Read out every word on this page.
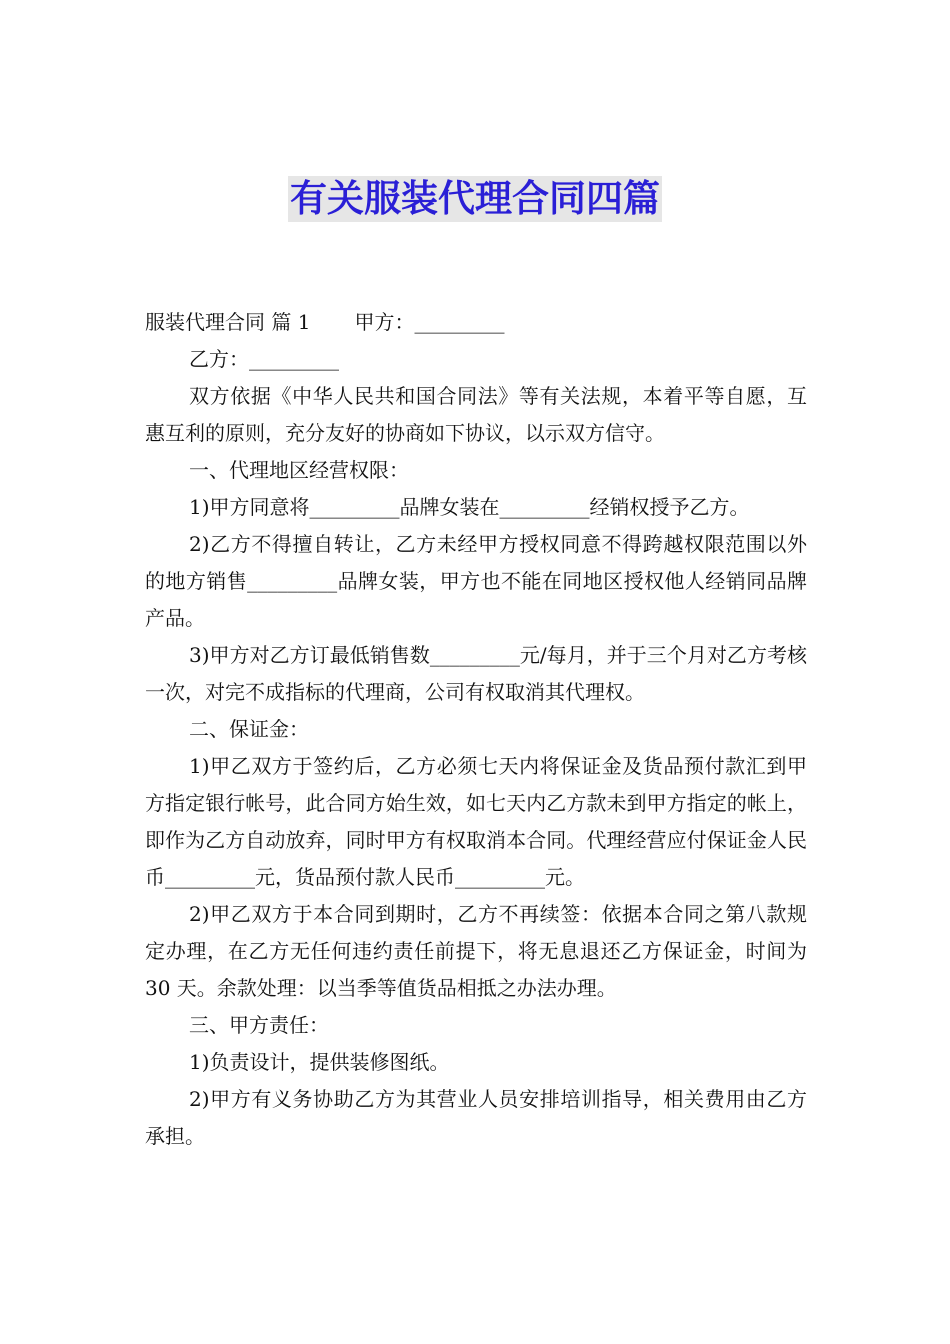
有关服装代理合同四篇

服装代理合同 篇 1 甲方：_________

乙方：_________

双方依据《中华人民共和国合同法》等有关法规，本着平等自愿，互惠互利的原则，充分友好的协商如下协议，以示双方信守。

一、代理地区经营权限：

1)甲方同意将_________品牌女装在_________经销权授予乙方。

2)乙方不得擅自转让，乙方未经甲方授权同意不得跨越权限范围以外的地方销售_________品牌女装，甲方也不能在同地区授权他人经销同品牌产品。

3)甲方对乙方订最低销售数_________元/每月，并于三个月对乙方考核一次，对完不成指标的代理商，公司有权取消其代理权。

二、保证金：

1)甲乙双方于签约后，乙方必须七天内将保证金及货品预付款汇到甲方指定银行帐号，此合同方始生效，如七天内乙方款未到甲方指定的帐上，即作为乙方自动放弃，同时甲方有权取消本合同。代理经营应付保证金人民币_________元，货品预付款人民币_________元。

2)甲乙双方于本合同到期时，乙方不再续签：依据本合同之第八款规定办理，在乙方无任何违约责任前提下，将无息退还乙方保证金，时间为 30 天。余款处理：以当季等值货品相抵之办法办理。

三、甲方责任：

1)负责设计，提供装修图纸。

2)甲方有义务协助乙方为其营业人员安排培训指导，相关费用由乙方承担。
